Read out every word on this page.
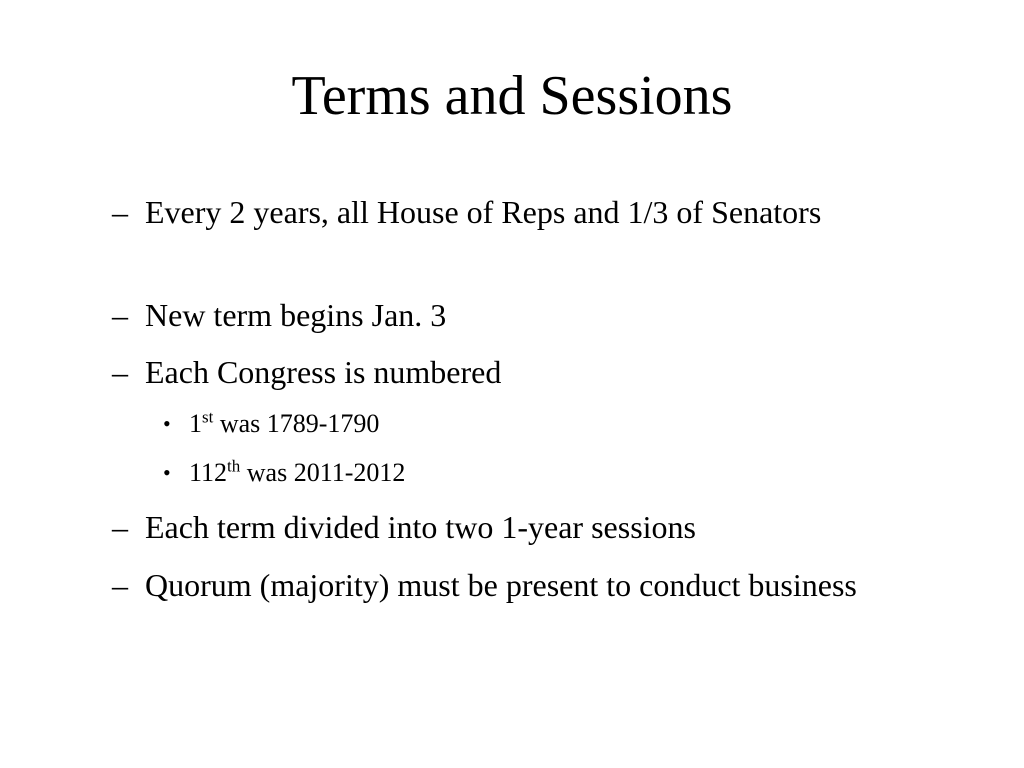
Terms and Sessions
– Every 2 years, all House of Reps and 1/3 of Senators
– New term begins Jan. 3
– Each Congress is numbered
• 1st was 1789-1790
• 112th was 2011-2012
– Each term divided into two 1-year sessions
– Quorum (majority) must be present to conduct business
